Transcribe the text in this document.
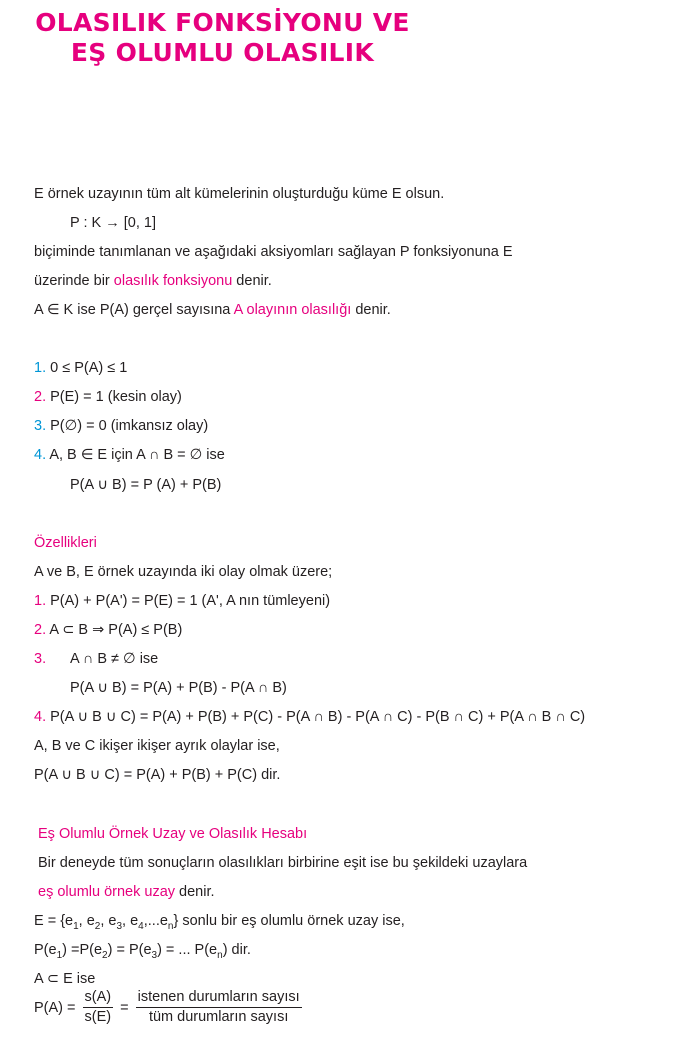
OLASILIK FONKSİYONU VE
EŞ OLUMLU OLASILIK
E örnek uzayının tüm alt kümelerinin oluşturduğu küme E olsun.
P : K → [0, 1]
biçiminde tanımlanan ve aşağıdaki aksiyomları sağlayan P fonksiyonuna E
üzerinde bir olasılık fonksiyonu denir.
A ∈ K ise P(A) gerçel sayısına A olayının olasılığı denir.
1. 0 ≤ P(A) ≤ 1
2. P(E) = 1 (kesin olay)
3. P(∅) = 0 (imkansız olay)
4. A, B ∈ E için A ∩ B = ∅ ise
P(A ∪ B) = P (A) + P(B)
Özellikleri
A ve B, E örnek uzayında iki olay olmak üzere;
1. P(A) + P(A') = P(E) = 1 (A', A nın tümleyeni)
2. A ⊂ B ⇒ P(A) ≤ P(B)
3. A ∩ B ≠ ∅ ise
P(A ∪ B) = P(A) + P(B) - P(A ∩ B)
4. P(A ∪ B ∪ C) = P(A) + P(B) + P(C) - P(A ∩ B) - P(A ∩ C) - P(B ∩ C) + P(A ∩ B ∩ C)
A, B ve C ikişer ikişer ayrık olaylar ise,
P(A ∪ B ∪ C) = P(A) + P(B) + P(C) dir.
Eş Olumlu Örnek Uzay ve Olasılık Hesabı
Bir deneyde tüm sonuçların olasılıkları birbirine eşit ise bu şekildeki uzaylara
eş olumlu örnek uzay denir.
$E = \{e_1$, $e_2$, $e_3$, $e_4,...e_n$} sonlu bir eş olumlu örnek uzay ise,
$P(e_1) =P(e_2) = P(e_3)$ = ... $P(e_n)$ dir.
A ⊂ E ise
$P(A) = \frac{s(A)}{s(E)} = \frac{\text{istenen durumların sayısı}}{\text{tüm durumların sayısı}}$
